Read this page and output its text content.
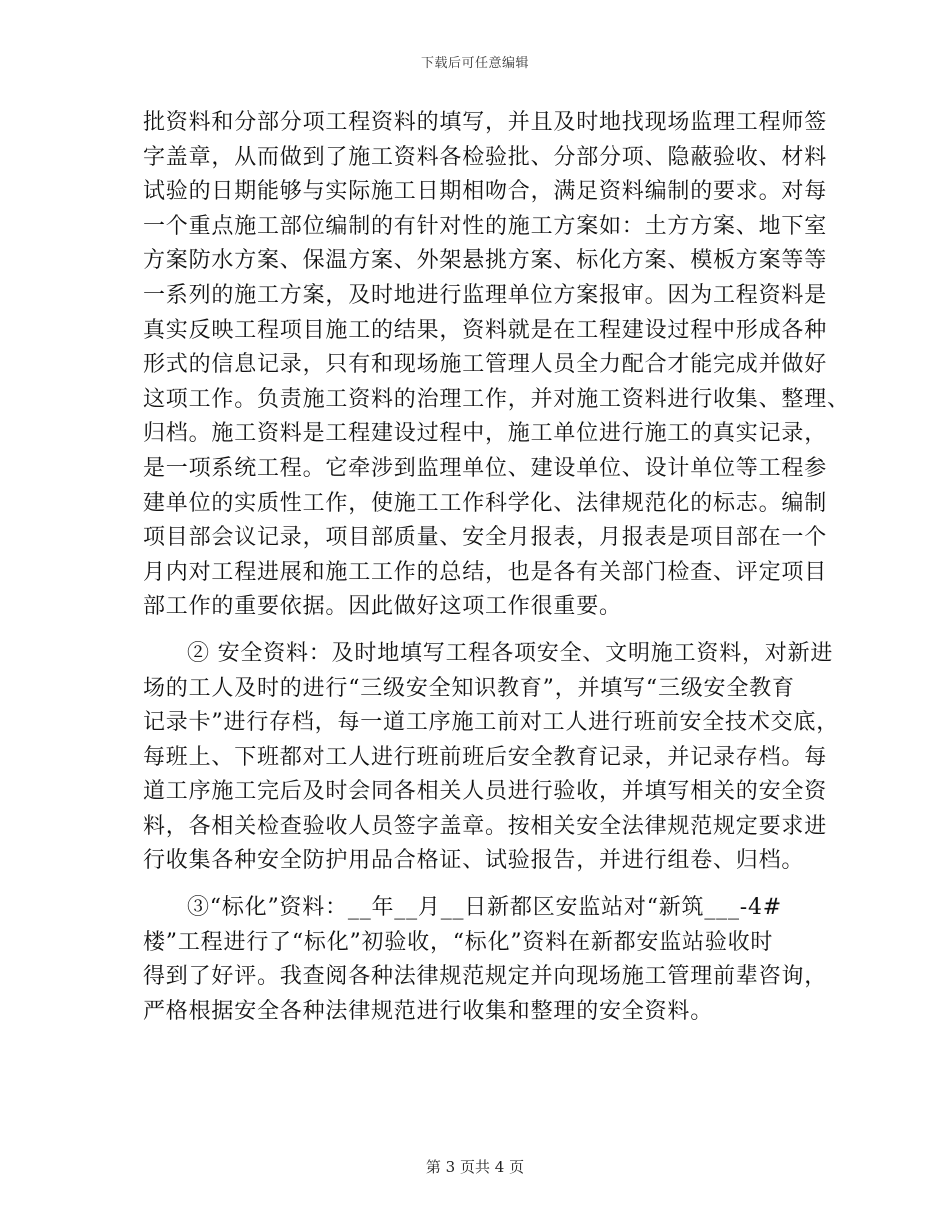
下载后可任意编辑
批资料和分部分项工程资料的填写，并且及时地找现场监理工程师签
字盖章，从而做到了施工资料各检验批、分部分项、隐蔽验收、材料
试验的日期能够与实际施工日期相吻合，满足资料编制的要求。对每
一个重点施工部位编制的有针对性的施工方案如：土方方案、地下室
方案防水方案、保温方案、外架悬挑方案、标化方案、模板方案等等
一系列的施工方案，及时地进行监理单位方案报审。因为工程资料是
真实反映工程项目施工的结果，资料就是在工程建设过程中形成各种
形式的信息记录，只有和现场施工管理人员全力配合才能完成并做好
这项工作。负责施工资料的治理工作，并对施工资料进行收集、整理、
归档。施工资料是工程建设过程中，施工单位进行施工的真实记录，
是一项系统工程。它牵涉到监理单位、建设单位、设计单位等工程参
建单位的实质性工作，使施工工作科学化、法律规范化的标志。编制
项目部会议记录，项目部质量、安全月报表，月报表是项目部在一个
月内对工程进展和施工工作的总结，也是各有关部门检查、评定项目
部工作的重要依据。因此做好这项工作很重要。
② 安全资料：及时地填写工程各项安全、文明施工资料，对新进
场的工人及时的进行“三级安全知识教育”，并填写“三级安全教育
记录卡”进行存档，每一道工序施工前对工人进行班前安全技术交底，
每班上、下班都对工人进行班前班后安全教育记录，并记录存档。每
道工序施工完后及时会同各相关人员进行验收，并填写相关的安全资
料，各相关检查验收人员签字盖章。按相关安全法律规范规定要求进
行收集各种安全防护用品合格证、试验报告，并进行组卷、归档。
③“标化”资料：__年__月__日新都区安监站对“新筑___-4#
楼”工程进行了“标化”初验收，“标化”资料在新都安监站验收时
得到了好评。我查阅各种法律规范规定并向现场施工管理前辈咨询，
严格根据安全各种法律规范进行收集和整理的安全资料。
第 3 页共 4 页
